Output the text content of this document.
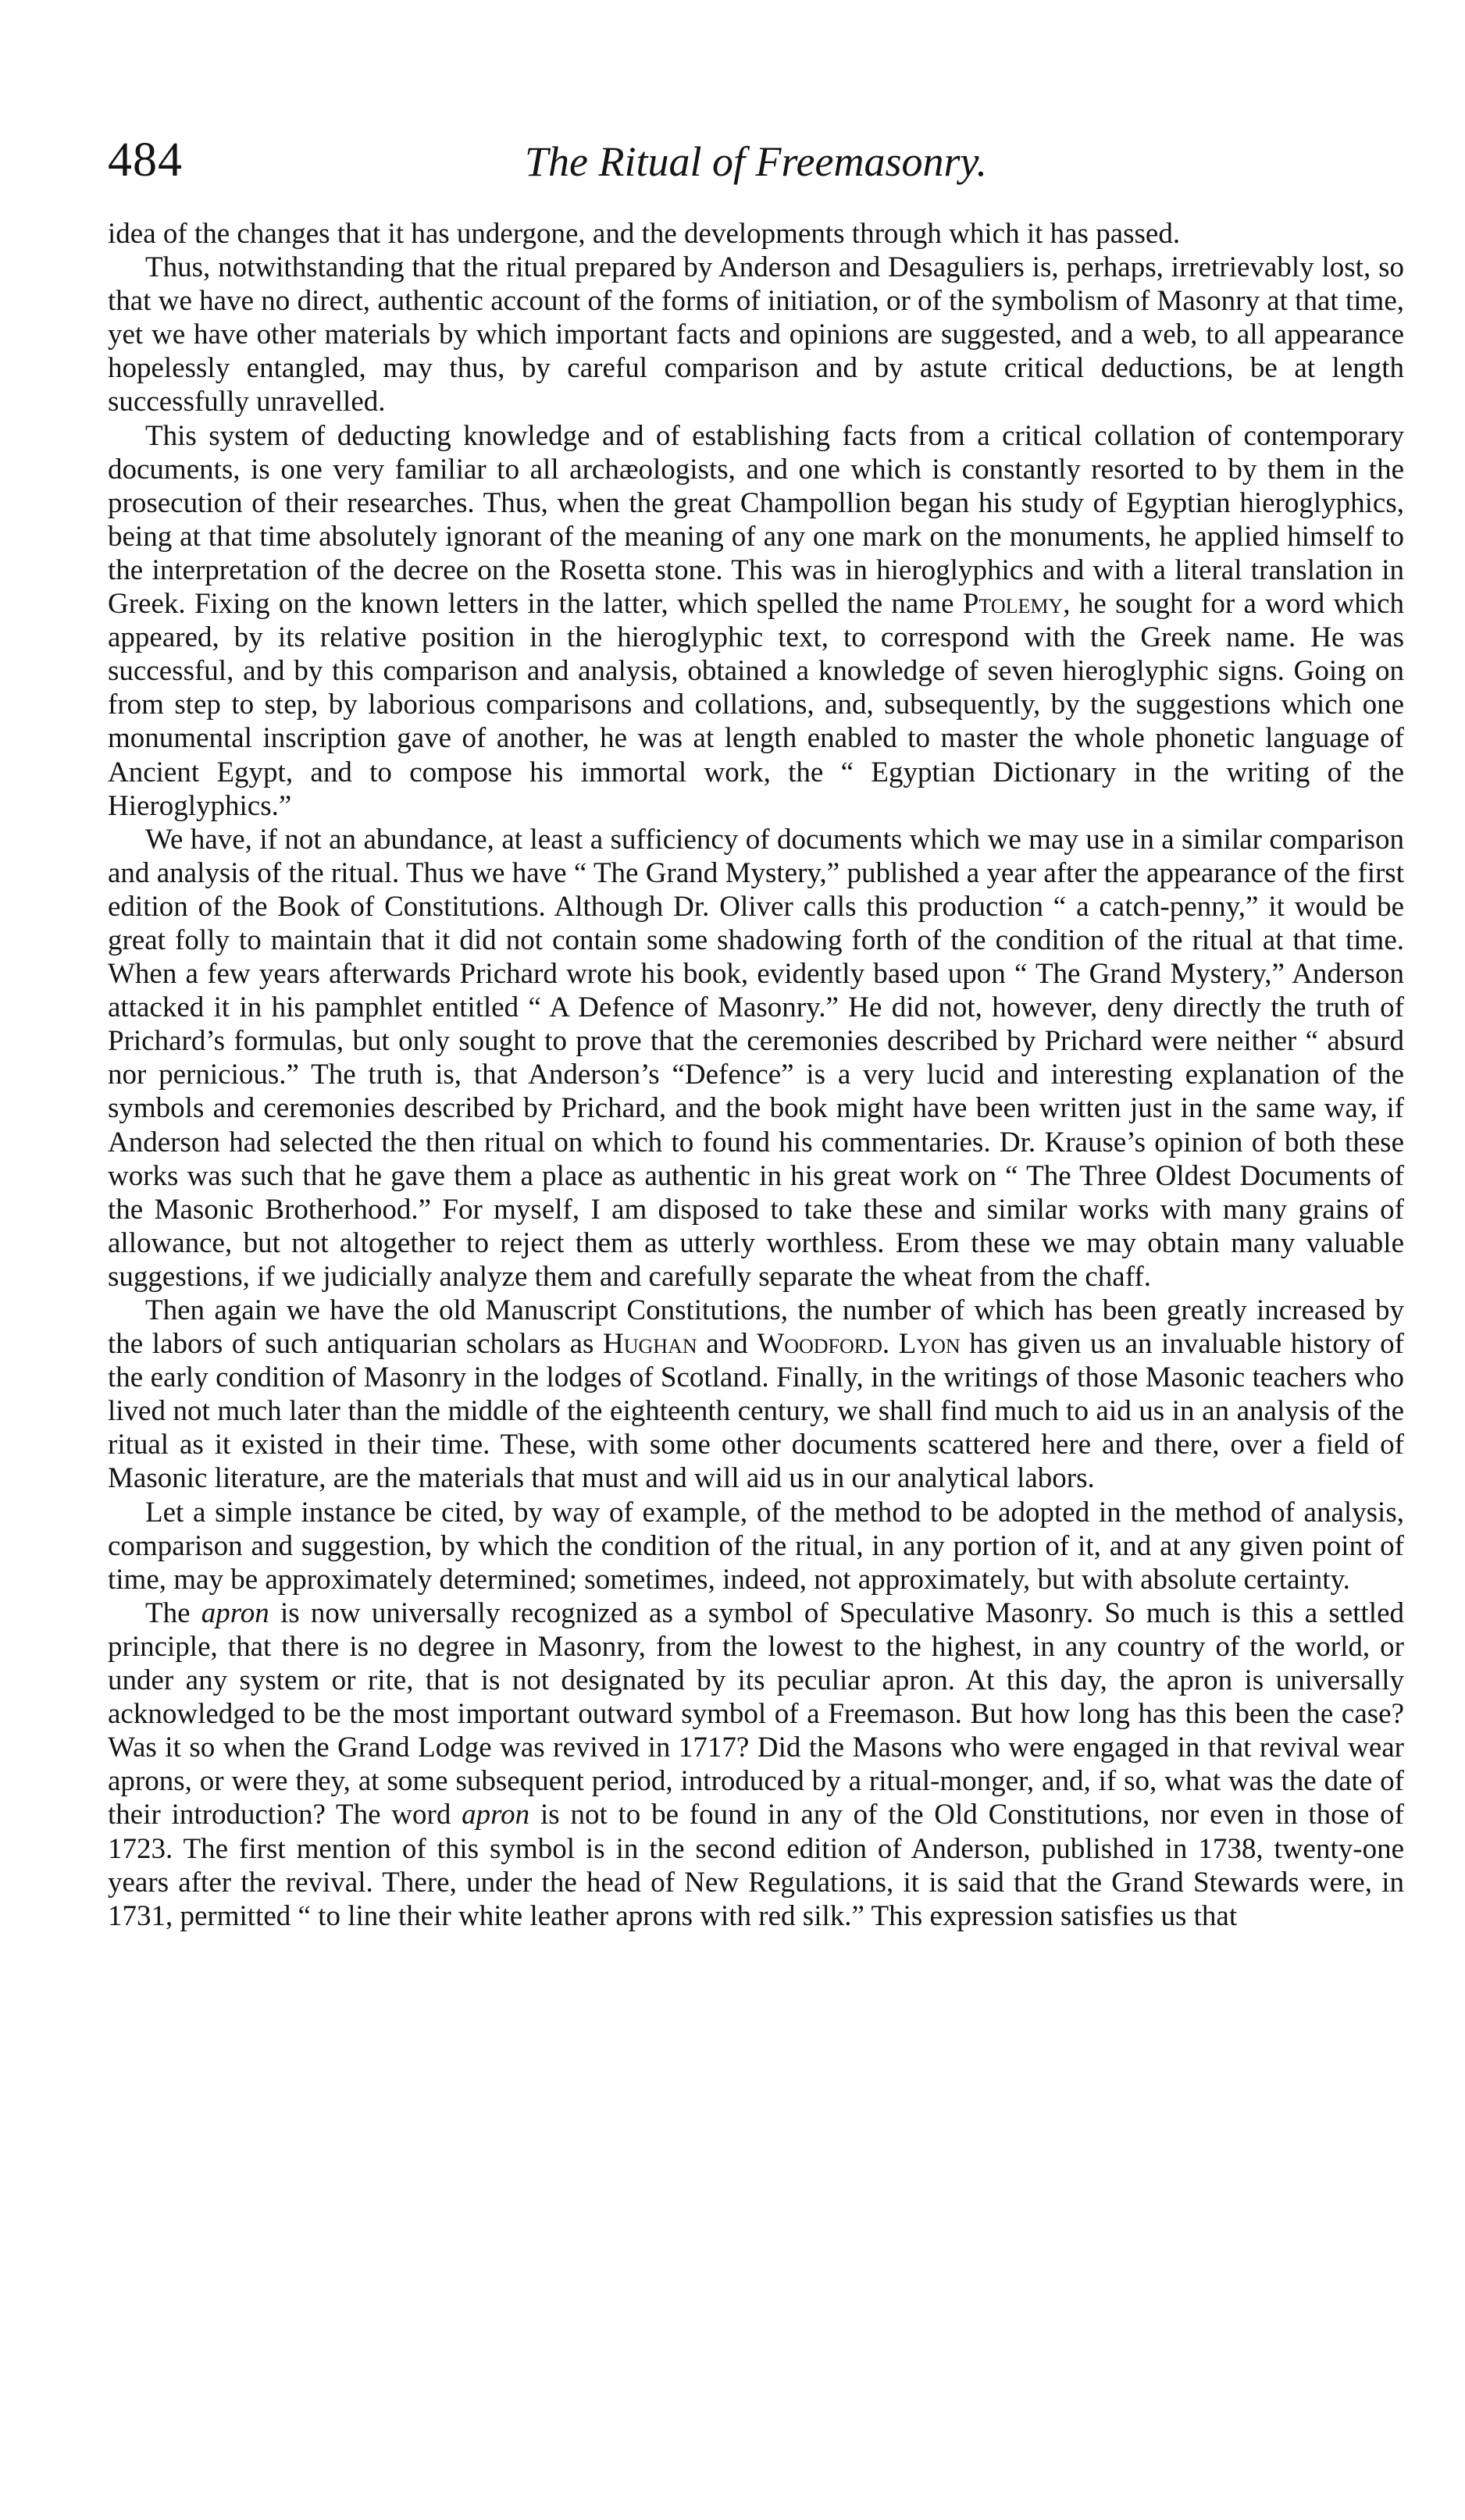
484	The Ritual of Freemasonry.

idea of the changes that it has undergone, and the developments through which it has passed.

Thus, notwithstanding that the ritual prepared by Anderson and Desaguliers is, perhaps, irretrievably lost, so that we have no direct, authentic account of the forms of initiation, or of the symbolism of Masonry at that time, yet we have other materials by which important facts and opinions are suggested, and a web, to all appearance hopelessly entangled, may thus, by careful comparison and by astute critical deductions, be at length successfully unravelled.

This system of deducting knowledge and of establishing facts from a critical collation of contemporary documents, is one very familiar to all archæologists, and one which is constantly resorted to by them in the prosecution of their researches. Thus, when the great Champollion began his study of Egyptian hieroglyphics, being at that time absolutely ignorant of the meaning of any one mark on the monuments, he applied himself to the interpretation of the decree on the Rosetta stone. This was in hieroglyphics and with a literal translation in Greek. Fixing on the known letters in the latter, which spelled the name Ptolemy, he sought for a word which appeared, by its relative position in the hieroglyphic text, to correspond with the Greek name. He was successful, and by this comparison and analysis, obtained a knowledge of seven hieroglyphic signs. Going on from step to step, by laborious comparisons and collations, and, subsequently, by the suggestions which one monumental inscription gave of another, he was at length enabled to master the whole phonetic language of Ancient Egypt, and to compose his immortal work, the “ Egyptian Dictionary in the writing of the Hieroglyphics.”

We have, if not an abundance, at least a sufficiency of documents which we may use in a similar comparison and analysis of the ritual. Thus we have “ The Grand Mystery,” published a year after the appearance of the first edition of the Book of Constitutions. Although Dr. Oliver calls this production “ a catch-penny,” it would be great folly to maintain that it did not contain some shadowing forth of the condition of the ritual at that time. When a few years afterwards Prichard wrote his book, evidently based upon “ The Grand Mystery,” Anderson attacked it in his pamphlet entitled “ A Defence of Masonry.” He did not, however, deny directly the truth of Prichard’s formulas, but only sought to prove that the ceremonies described by Prichard were neither “ absurd nor pernicious.” The truth is, that Anderson’s “Defence” is a very lucid and interesting explanation of the symbols and ceremonies described by Prichard, and the book might have been written just in the same way, if Anderson had selected the then ritual on which to found his commentaries. Dr. Krause’s opinion of both these works was such that he gave them a place as authentic in his great work on “ The Three Oldest Documents of the Masonic Brotherhood.” For myself, I am disposed to take these and similar works with many grains of allowance, but not altogether to reject them as utterly worthless. Erom these we may obtain many valuable suggestions, if we judicially analyze them and carefully separate the wheat from the chaff.

Then again we have the old Manuscript Constitutions, the number of which has been greatly increased by the labors of such antiquarian scholars as Hughan and Woodford. Lyon has given us an invaluable history of the early condition of Masonry in the lodges of Scotland. Finally, in the writings of those Masonic teachers who lived not much later than the middle of the eighteenth century, we shall find much to aid us in an analysis of the ritual as it existed in their time. These, with some other documents scattered here and there, over a field of Masonic literature, are the materials that must and will aid us in our analytical labors.

Let a simple instance be cited, by way of example, of the method to be adopted in the method of analysis, comparison and suggestion, by which the condition of the ritual, in any portion of it, and at any given point of time, may be approximately determined; sometimes, indeed, not approximately, but with absolute certainty.

The apron is now universally recognized as a symbol of Speculative Masonry. So much is this a settled principle, that there is no degree in Masonry, from the lowest to the highest, in any country of the world, or under any system or rite, that is not designated by its peculiar apron. At this day, the apron is universally acknowledged to be the most important outward symbol of a Freemason. But how long has this been the case? Was it so when the Grand Lodge was revived in 1717? Did the Masons who were engaged in that revival wear aprons, or were they, at some subsequent period, introduced by a ritual-monger, and, if so, what was the date of their introduction? The word apron is not to be found in any of the Old Constitutions, nor even in those of 1723. The first mention of this symbol is in the second edition of Anderson, published in 1738, twenty-one years after the revival. There, under the head of New Regulations, it is said that the Grand Stewards were, in 1731, permitted “ to line their white leather aprons with red silk.” This expression satisfies us that
